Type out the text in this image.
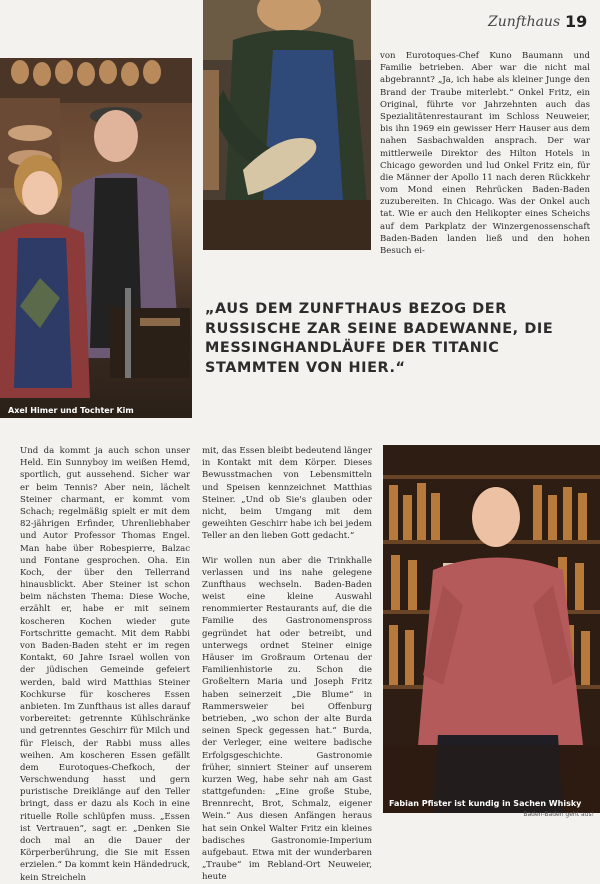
Zunfthaus 19
Axel Himer und Tochter Kim

von Eurotoques-Chef Kuno Baumann und Familie betrieben. Aber war die nicht mal abgebrannt? „Ja, ich habe als kleiner Junge den Brand der Traube miterlebt.“ Onkel Fritz, ein Original, führte vor Jahrzehnten auch das Spezialitätenrestaurant im Schloss Neuweier, bis ihn 1969 ein gewisser Herr Hauser aus dem nahen Sasbachwalden ansprach. Der war mittlerweile Direktor des Hilton Hotels in Chicago geworden und lud Onkel Fritz ein, für die Männer der Apollo 11 nach deren Rückkehr vom Mond einen Rehrücken Baden-Baden zuzubereiten. In Chicago. Was der Onkel auch tat. Wie er auch den Helikopter eines Scheichs auf dem Parkplatz der Winzergenossenschaft Baden-Baden landen ließ und den hohen Besuch ei-

„AUS DEM ZUNFTHAUS BEZOG DER RUSSISCHE ZAR SEINE BADEWANNE, DIE MESSINGHANDLÄUFE DER TITANIC STAMMTEN VON HIER.“

Und da kommt ja auch schon unser Held. Ein Sunnyboy im weißen Hemd, sportlich, gut aussehend. Sicher war er beim Tennis? Aber nein, lächelt Steiner charmant, er kommt vom Schach; regelmäßig spielt er mit dem 82-jährigen Erfinder, Uhrenliebhaber und Autor Professor Thomas Engel. Man habe über Robespierre, Balzac und Fontane gesprochen. Oha. Ein Koch, der über den Tellerrand hinausblickt. Aber Steiner ist schon beim nächsten Thema: Diese Woche, erzählt er, habe er mit seinem koscheren Kochen wieder gute Fortschritte gemacht. Mit dem Rabbi von Baden-Baden steht er im regen Kontakt, 60 Jahre Israel wollen von der jüdischen Gemeinde gefeiert werden, bald wird Matthias Steiner Kochkurse für koscheres Essen anbieten. Im Zunfthaus ist alles darauf vorbereitet: getrennte Kühlschränke und getrenntes Geschirr für Milch und für Fleisch, der Rabbi muss alles weihen. Am koscheren Essen gefällt dem Eurotoques-Chefkoch, der Verschwendung hasst und gern puristische Dreiklänge auf den Teller bringt, dass er dazu als Koch in eine rituelle Rolle schlüpfen muss. „Essen ist Vertrauen“, sagt er. „Denken Sie doch mal an die Dauer der Körperberührung, die Sie mit Essen erzielen.“ Da kommt kein Händedruck, kein Streicheln

mit, das Essen bleibt bedeutend länger in Kontakt mit dem Körper. Dieses Bewusstmachen von Lebensmitteln und Speisen kennzeichnet Matthias Steiner. „Und ob Sie's glauben oder nicht, beim Umgang mit dem geweihten Geschirr habe ich bei jedem Teller an den lieben Gott gedacht.“

Wir wollen nun aber die Trinkhalle verlassen und ins nahe gelegene Zunfthaus wechseln. Baden-Baden weist eine kleine Auswahl renommierter Restaurants auf, die die Familie des Gastronomenspross gegründet hat oder betreibt, und unterwegs ordnet Steiner einige Häuser im Großraum Ortenau der Familienhistorie zu. Schon die Großeltern Maria und Joseph Fritz haben seinerzeit „Die Blume“ in Rammersweier bei Offenburg betrieben, „wo schon der alte Burda seinen Speck gegessen hat.“ Burda, der Verleger, eine weitere badische Erfolgsgeschichte. Gastronomie früher, sinniert Steiner auf unserem kurzen Weg, habe sehr nah am Gast stattgefunden: „Eine große Stube, Brennrecht, Brot, Schmalz, eigener Wein.“ Aus diesen Anfängen heraus hat sein Onkel Walter Fritz ein kleines badisches Gastronomie-Imperium aufgebaut. Etwa mit der wunderbaren „Traube“ im Rebland-Ort Neuweier, heute

Fabian Pfister ist kundig in Sachen Whisky
Baden-Baden geht aus!
